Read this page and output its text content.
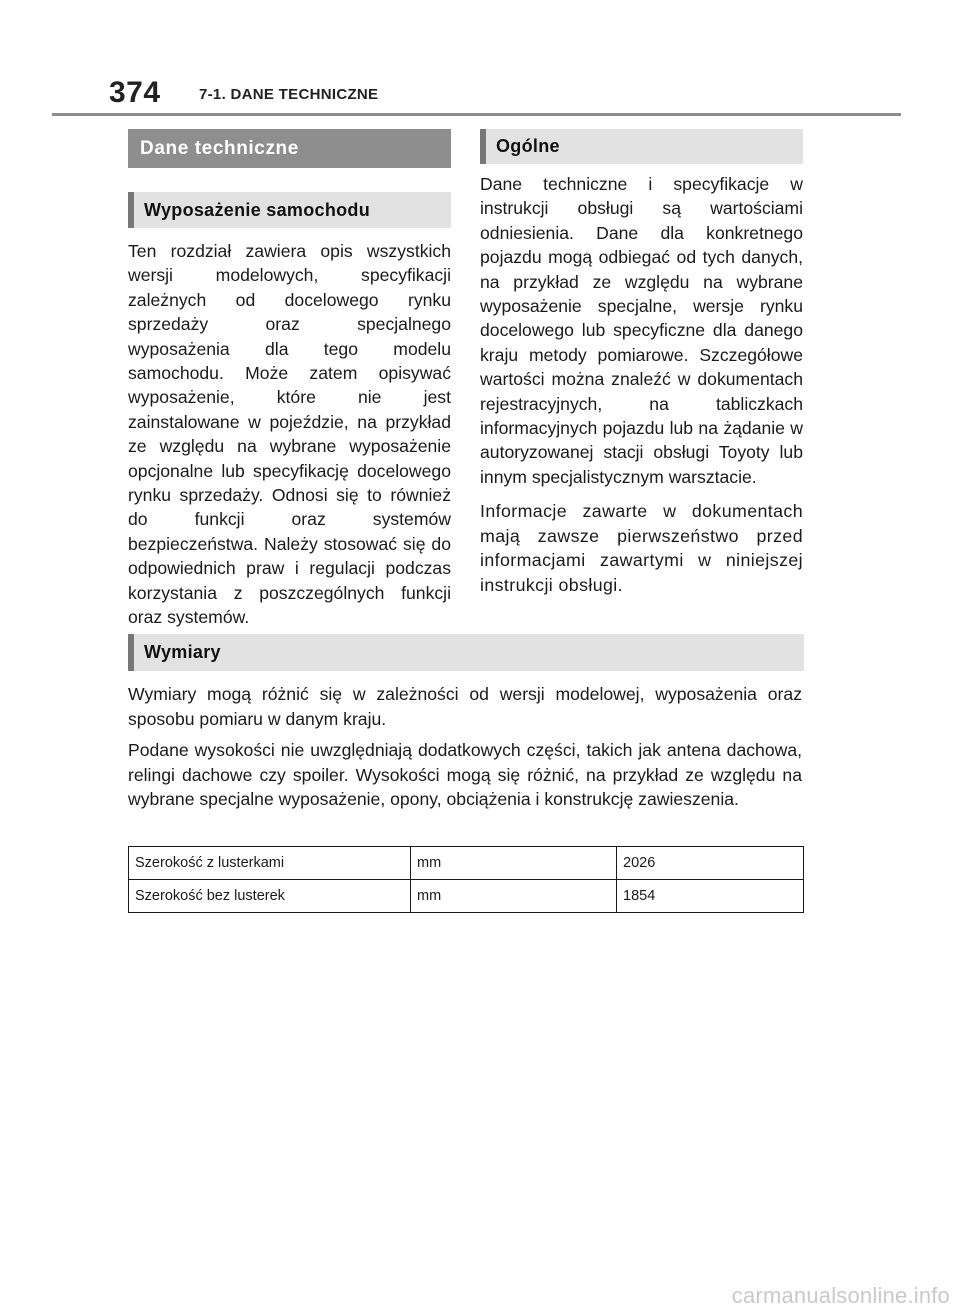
374	7-1. DANE TECHNICZNE
Dane techniczne
Wyposażenie samochodu

Ten rozdział zawiera opis wszystkich wersji modelowych, specyfikacji zależnych od docelowego rynku sprzedaży oraz specjalnego wyposażenia dla tego modelu samochodu. Może zatem opisywać wyposażenie, które nie jest zainstalowane w pojeździe, na przykład ze względu na wybrane wyposażenie opcjonalne lub specyfikację docelowego rynku sprzedaży. Odnosi się to również do funkcji oraz systemów bezpieczeństwa. Należy stosować się do odpowiednich praw i regulacji podczas korzystania z poszczególnych funkcji oraz systemów.

Ogólne

Dane techniczne i specyfikacje w instrukcji obsługi są wartościami odniesienia. Dane dla konkretnego pojazdu mogą odbiegać od tych danych, na przykład ze względu na wybrane wyposażenie specjalne, wersje rynku docelowego lub specyficzne dla danego kraju metody pomiarowe. Szczegółowe wartości można znaleźć w dokumentach rejestracyjnych, na tabliczkach informacyjnych pojazdu lub na żądanie w autoryzowanej stacji obsługi Toyoty lub innym specjalistycznym warsztacie.

Informacje zawarte w dokumentach mają zawsze pierwszeństwo przed informacjami zawartymi w niniejszej instrukcji obsługi.

Wymiary

Wymiary mogą różnić się w zależności od wersji modelowej, wyposażenia oraz sposobu pomiaru w danym kraju.

Podane wysokości nie uwzględniają dodatkowych części, takich jak antena dachowa, relingi dachowe czy spoiler. Wysokości mogą się różnić, na przykład ze względu na wybrane specjalne wyposażenie, opony, obciążenia i konstrukcję zawieszenia.

Szerokość z lusterkami	mm	2026
Szerokość bez lusterek	mm	1854
carmanualsonline.info
